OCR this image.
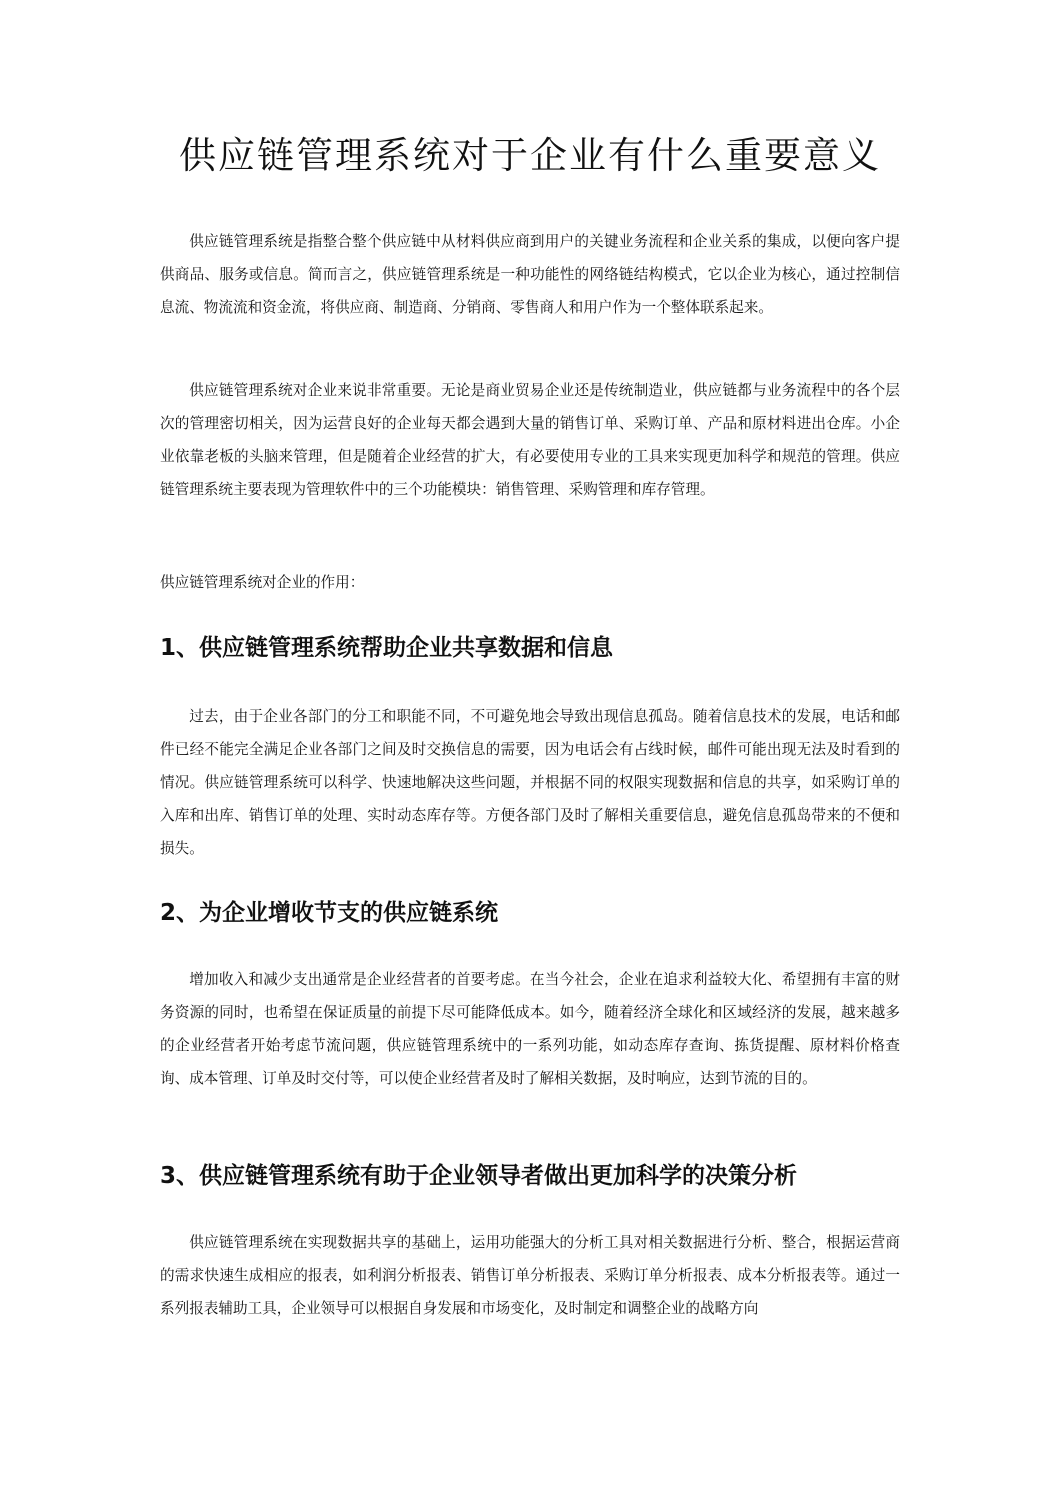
供应链管理系统对于企业有什么重要意义

供应链管理系统是指整合整个供应链中从材料供应商到用户的关键业务流程和企业关系的集成，以便向客户提供商品、服务或信息。简而言之，供应链管理系统是一种功能性的网络链结构模式，它以企业为核心，通过控制信息流、物流流和资金流，将供应商、制造商、分销商、零售商人和用户作为一个整体联系起来。

供应链管理系统对企业来说非常重要。无论是商业贸易企业还是传统制造业，供应链都与业务流程中的各个层次的管理密切相关，因为运营良好的企业每天都会遇到大量的销售订单、采购订单、产品和原材料进出仓库。小企业依靠老板的头脑来管理，但是随着企业经营的扩大，有必要使用专业的工具来实现更加科学和规范的管理。供应链管理系统主要表现为管理软件中的三个功能模块：销售管理、采购管理和库存管理。

供应链管理系统对企业的作用：

1、供应链管理系统帮助企业共享数据和信息

过去，由于企业各部门的分工和职能不同，不可避免地会导致出现信息孤岛。随着信息技术的发展，电话和邮件已经不能完全满足企业各部门之间及时交换信息的需要，因为电话会有占线时候，邮件可能出现无法及时看到的情况。供应链管理系统可以科学、快速地解决这些问题，并根据不同的权限实现数据和信息的共享，如采购订单的入库和出库、销售订单的处理、实时动态库存等。方便各部门及时了解相关重要信息，避免信息孤岛带来的不便和损失。

2、为企业增收节支的供应链系统

增加收入和减少支出通常是企业经营者的首要考虑。在当今社会，企业在追求利益较大化、希望拥有丰富的财务资源的同时，也希望在保证质量的前提下尽可能降低成本。如今，随着经济全球化和区域经济的发展，越来越多的企业经营者开始考虑节流问题，供应链管理系统中的一系列功能，如动态库存查询、拣货提醒、原材料价格查询、成本管理、订单及时交付等，可以使企业经营者及时了解相关数据，及时响应，达到节流的目的。

3、供应链管理系统有助于企业领导者做出更加科学的决策分析

供应链管理系统在实现数据共享的基础上，运用功能强大的分析工具对相关数据进行分析、整合，根据运营商的需求快速生成相应的报表，如利润分析报表、销售订单分析报表、采购订单分析报表、成本分析报表等。通过一系列报表辅助工具，企业领导可以根据自身发展和市场变化，及时制定和调整企业的战略方向
